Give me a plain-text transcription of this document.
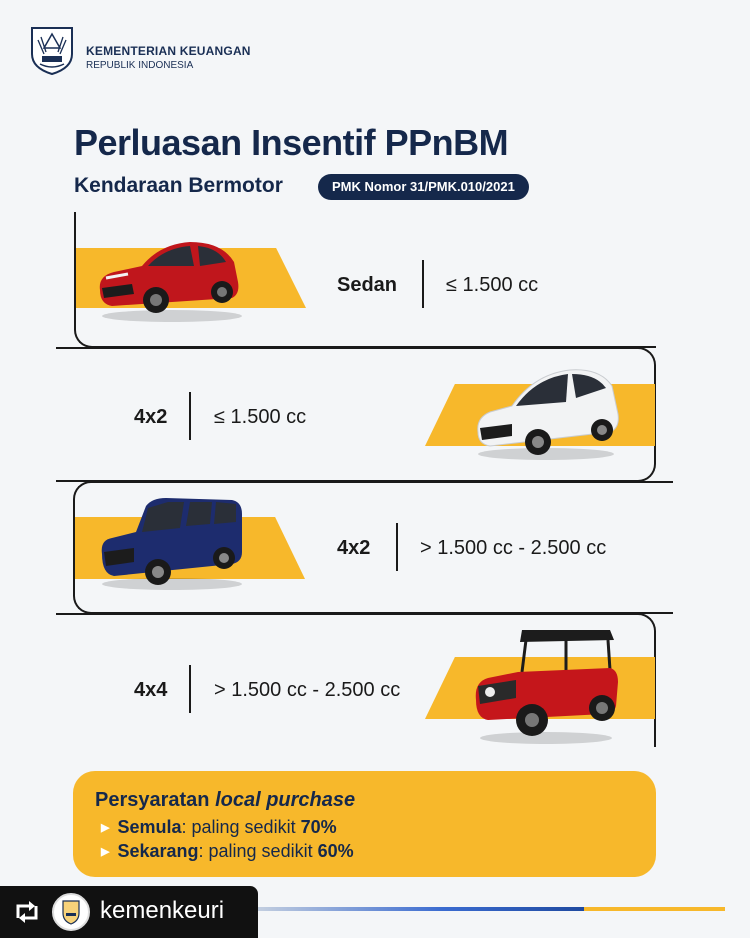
KEMENTERIAN KEUANGAN
REPUBLIK INDONESIA
Perluasan Insentif PPnBM
Kendaraan Bermotor	PMK Nomor 31/PMK.010/2021
Sedan ≤ 1.500 cc
4x2 ≤ 1.500 cc
4x2 > 1.500 cc - 2.500 cc
4x4 > 1.500 cc - 2.500 cc
Persyaratan local purchase
▶ Semula: paling sedikit 70%
▶ Sekarang: paling sedikit 60%
kemenkeuri
